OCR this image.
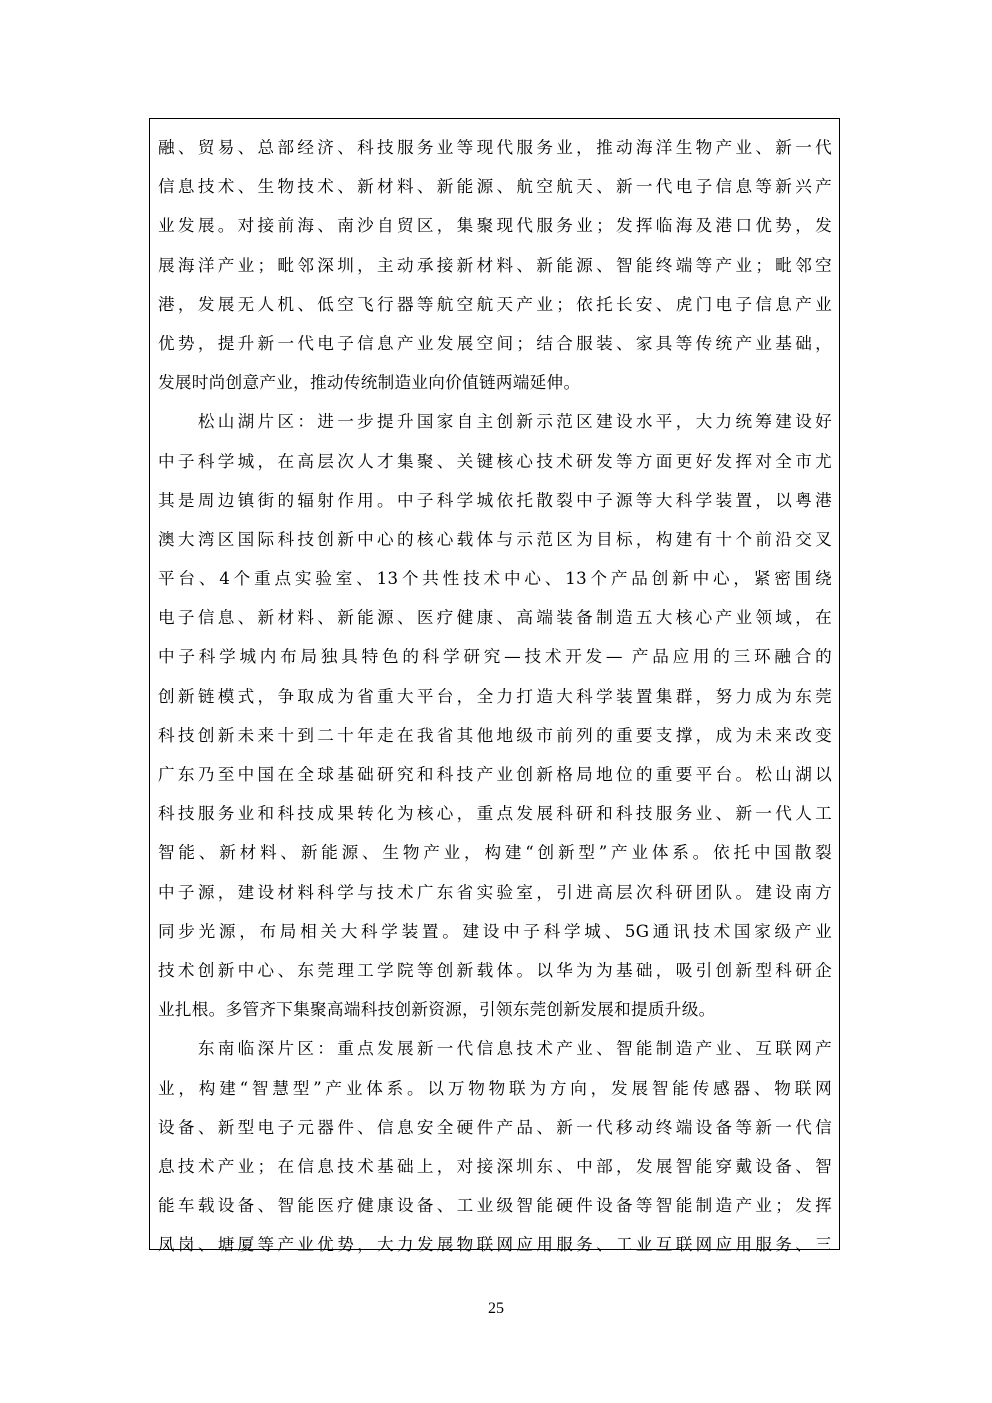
融、贸易、总部经济、科技服务业等现代服务业，推动海洋生物产业、新一代
信息技术、生物技术、新材料、新能源、航空航天、新一代电子信息等新兴产
业发展。对接前海、南沙自贸区，集聚现代服务业；发挥临海及港口优势，发
展海洋产业；毗邻深圳，主动承接新材料、新能源、智能终端等产业；毗邻空
港，发展无人机、低空飞行器等航空航天产业；依托长安、虎门电子信息产业
优势，提升新一代电子信息产业发展空间；结合服装、家具等传统产业基础，
发展时尚创意产业，推动传统制造业向价值链两端延伸。
　　松山湖片区：进一步提升国家自主创新示范区建设水平，大力统筹建设好
中子科学城，在高层次人才集聚、关键核心技术研发等方面更好发挥对全市尤
其是周边镇街的辐射作用。中子科学城依托散裂中子源等大科学装置，以粤港
澳大湾区国际科技创新中心的核心载体与示范区为目标，构建有十个前沿交叉
平台、4个重点实验室、13个共性技术中心、13个产品创新中心，紧密围绕
电子信息、新材料、新能源、医疗健康、高端装备制造五大核心产业领域，在
中子科学城内布局独具特色的科学研究—技术开发— 产品应用的三环融合的
创新链模式，争取成为省重大平台，全力打造大科学装置集群，努力成为东莞
科技创新未来十到二十年走在我省其他地级市前列的重要支撑，成为未来改变
广东乃至中国在全球基础研究和科技产业创新格局地位的重要平台。松山湖以
科技服务业和科技成果转化为核心，重点发展科研和科技服务业、新一代人工
智能、新材料、新能源、生物产业，构建“创新型”产业体系。依托中国散裂
中子源，建设材料科学与技术广东省实验室，引进高层次科研团队。建设南方
同步光源，布局相关大科学装置。建设中子科学城、5G通讯技术国家级产业
技术创新中心、东莞理工学院等创新载体。以华为为基础，吸引创新型科研企
业扎根。多管齐下集聚高端科技创新资源，引领东莞创新发展和提质升级。
　　东南临深片区：重点发展新一代信息技术产业、智能制造产业、互联网产
业，构建“智慧型”产业体系。以万物物联为方向，发展智能传感器、物联网
设备、新型电子元器件、信息安全硬件产品、新一代移动终端设备等新一代信
息技术产业；在信息技术基础上，对接深圳东、中部，发展智能穿戴设备、智
能车载设备、智能医疗健康设备、工业级智能硬件设备等智能制造产业；发挥
凤岗、塘厦等产业优势，大力发展物联网应用服务、工业互联网应用服务、三
25
